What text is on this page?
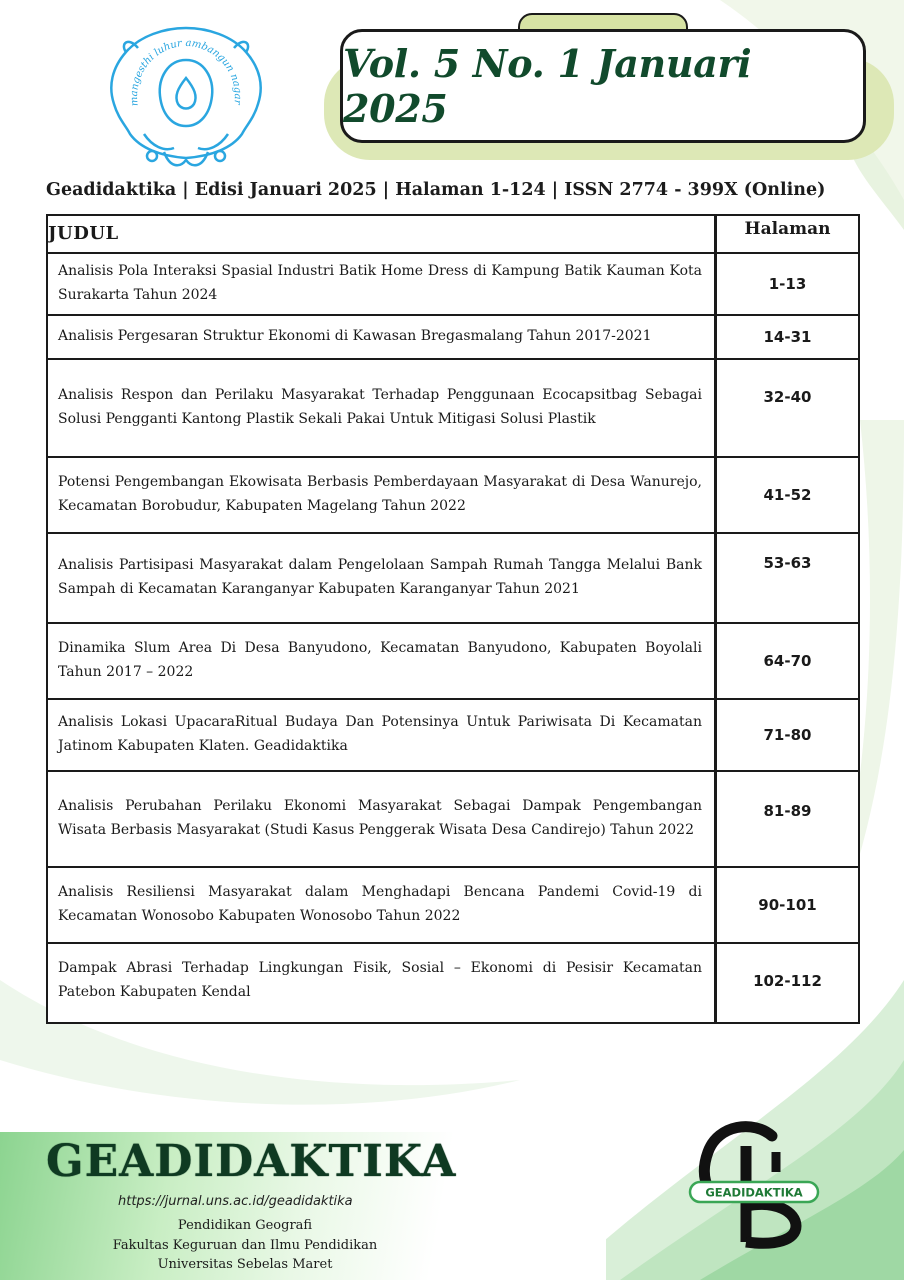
mangesthi luhur ambangun nagar
Vol. 5 No. 1 Januari 2025
Geadidaktika | Edisi Januari 2025 | Halaman 1-124 | ISSN 2774 - 399X (Online)
JUDUL	Halaman
Analisis Pola Interaksi Spasial Industri Batik Home Dress di Kampung Batik Kauman Kota Surakarta Tahun 2024
1-13
Analisis Pergesaran Struktur Ekonomi di Kawasan Bregasmalang Tahun 2017-2021	14-31
Analisis Respon dan Perilaku Masyarakat Terhadap Penggunaan Ecocapsitbag Sebagai Solusi Pengganti Kantong Plastik Sekali Pakai Untuk Mitigasi Solusi Plastik
32-40
Potensi Pengembangan Ekowisata Berbasis Pemberdayaan Masyarakat di Desa Wanurejo, Kecamatan Borobudur, Kabupaten Magelang Tahun 2022
41-52
Analisis Partisipasi Masyarakat dalam Pengelolaan Sampah Rumah Tangga Melalui Bank Sampah di Kecamatan Karanganyar Kabupaten Karanganyar Tahun 2021
53-63
Dinamika Slum Area Di Desa Banyudono, Kecamatan Banyudono, Kabupaten Boyolali Tahun 2017 – 2022
64-70
Analisis Lokasi UpacaraRitual Budaya Dan Potensinya Untuk Pariwisata Di Kecamatan Jatinom Kabupaten Klaten. Geadidaktika
71-80
Analisis Perubahan Perilaku Ekonomi Masyarakat Sebagai Dampak Pengembangan Wisata Berbasis Masyarakat (Studi Kasus Penggerak Wisata Desa Candirejo) Tahun 2022
81-89
Analisis Resiliensi Masyarakat dalam Menghadapi Bencana Pandemi Covid-19 di Kecamatan Wonosobo Kabupaten Wonosobo Tahun 2022
90-101
Dampak Abrasi Terhadap Lingkungan Fisik, Sosial – Ekonomi di Pesisir Kecamatan Patebon Kabupaten Kendal
102-112
GEADIDAKTIKA
https://jurnal.uns.ac.id/geadidaktika
Pendidikan Geografi
Fakultas Keguruan dan Ilmu Pendidikan
Universitas Sebelas Maret
GEADIDAKTIKA
